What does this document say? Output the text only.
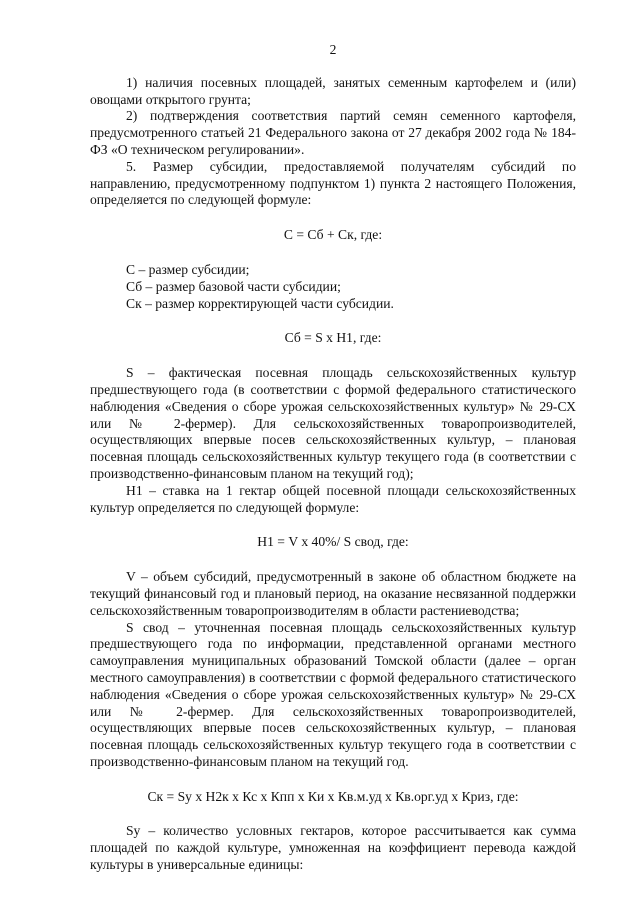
2

1) наличия посевных площадей, занятых семенным картофелем и (или) овощами открытого грунта;

2) подтверждения соответствия партий семян семенного картофеля, предусмотренного статьей 21 Федерального закона от 27 декабря 2002 года № 184-ФЗ «О техническом регулировании».

5. Размер субсидии, предоставляемой получателям субсидий по направлению, предусмотренному подпунктом 1) пункта 2 настоящего Положения, определяется по следующей формуле:

С = Сб + Ск, где:

С – размер субсидии;

Сб – размер базовой части субсидии;

Ск – размер корректирующей части субсидии.

Сб = S х Н1, где:

S – фактическая посевная площадь сельскохозяйственных культур предшествующего года (в соответствии с формой федерального статистического наблюдения «Сведения о сборе урожая сельскохозяйственных культур» № 29-СХ или № 2-фермер). Для сельскохозяйственных товаропроизводителей, осуществляющих впервые посев сельскохозяйственных культур, – плановая посевная площадь сельскохозяйственных культур текущего года (в соответствии с производственно-финансовым планом на текущий год);

Н1 – ставка на 1 гектар общей посевной площади сельскохозяйственных культур определяется по следующей формуле:

Н1 = V х 40%/ S свод, где:

V – объем субсидий, предусмотренный в законе об областном бюджете на текущий финансовый год и плановый период, на оказание несвязанной поддержки сельскохозяйственным товаропроизводителям в области растениеводства;

S свод – уточненная посевная площадь сельскохозяйственных культур предшествующего года по информации, представленной органами местного самоуправления муниципальных образований Томской области (далее – орган местного самоуправления) в соответствии с формой федерального статистического наблюдения «Сведения о сборе урожая сельскохозяйственных культур» № 29-СХ или № 2-фермер. Для сельскохозяйственных товаропроизводителей, осуществляющих впервые посев сельскохозяйственных культур, – плановая посевная площадь сельскохозяйственных культур текущего года в соответствии с производственно-финансовым планом на текущий год.

Ск = Sу х Н2к х Кс х Кпп х Ки х Кв.м.уд х Кв.орг.уд х Криз, где:

Sу – количество условных гектаров, которое рассчитывается как сумма площадей по каждой культуре, умноженная на коэффициент перевода каждой культуры в универсальные единицы:
